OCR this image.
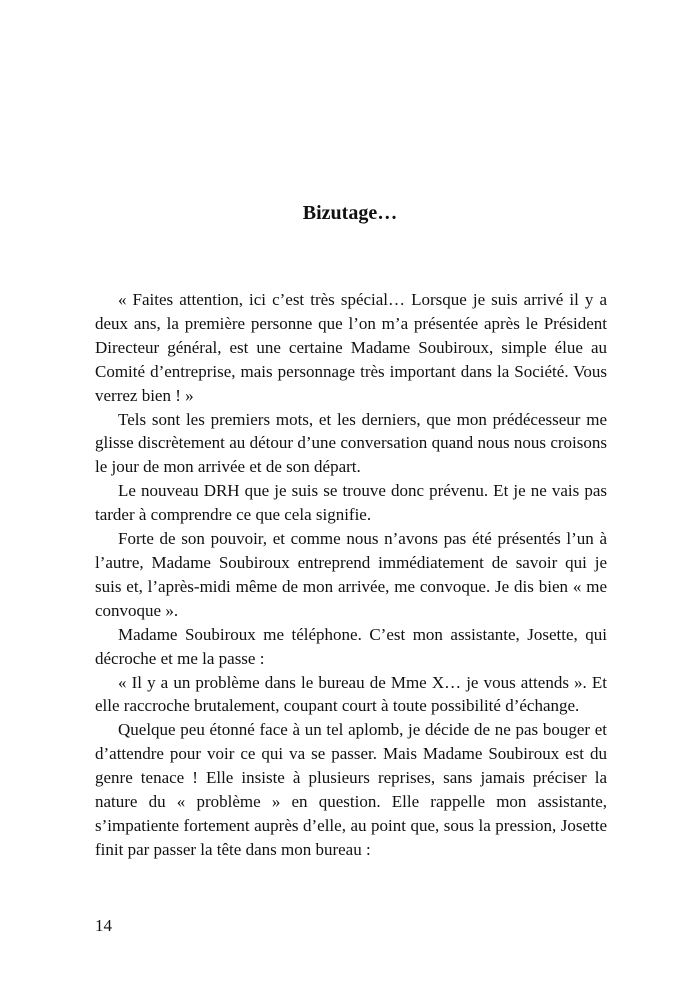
Bizutage…

« Faites attention, ici c’est très spécial… Lorsque je suis arrivé il y a deux ans, la première personne que l’on m’a présentée après le Président Directeur général, est une certaine Madame Soubiroux, simple élue au Comité d’entreprise, mais personnage très important dans la Société. Vous verrez bien ! »

Tels sont les premiers mots, et les derniers, que mon prédécesseur me glisse discrètement au détour d’une conversation quand nous nous croisons le jour de mon arrivée et de son départ.

Le nouveau DRH que je suis se trouve donc prévenu. Et je ne vais pas tarder à comprendre ce que cela signifie.

Forte de son pouvoir, et comme nous n’avons pas été présentés l’un à l’autre, Madame Soubiroux entreprend immédiatement de savoir qui je suis et, l’après-midi même de mon arrivée, me convoque. Je dis bien « me convoque ».

Madame Soubiroux me téléphone. C’est mon assistante, Josette, qui décroche et me la passe :

« Il y a un problème dans le bureau de Mme X… je vous attends ». Et elle raccroche brutalement, coupant court à toute possibilité d’échange.

Quelque peu étonné face à un tel aplomb, je décide de ne pas bouger et d’attendre pour voir ce qui va se passer. Mais Madame Soubiroux est du genre tenace ! Elle insiste à plusieurs reprises, sans jamais préciser la nature du « problème » en question. Elle rappelle mon assistante, s’impatiente fortement auprès d’elle, au point que, sous la pression, Josette finit par passer la tête dans mon bureau :

14
